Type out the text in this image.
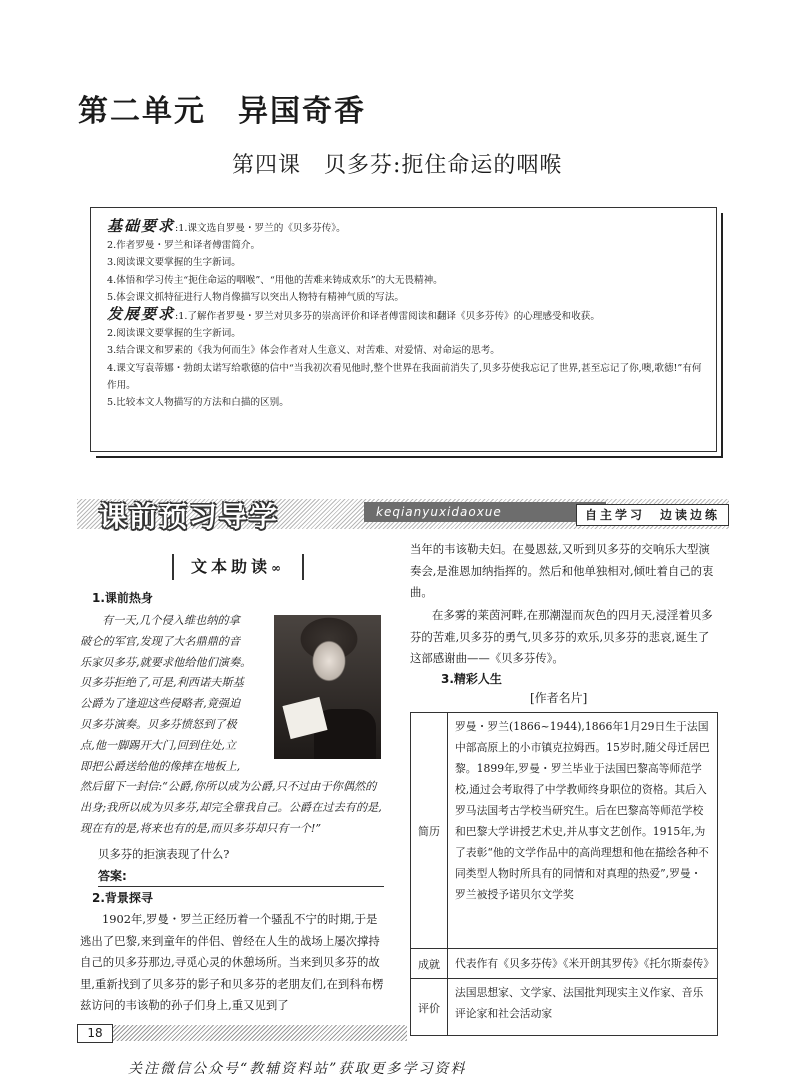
第二单元　异国奇香
第四课　贝多芬:扼住命运的咽喉
基础要求:1.课文选自罗曼・罗兰的《贝多芬传》。
2.作者罗曼・罗兰和译者傅雷简介。
3.阅读课文要掌握的生字新词。
4.体悟和学习传主“扼住命运的咽喉”、“用他的苦难来铸成欢乐”的大无畏精神。
5.体会课文抓特征进行人物肖像描写以突出人物特有精神气质的写法。
发展要求:1.了解作者罗曼・罗兰对贝多芬的崇高评价和译者傅雷阅读和翻译《贝多芬传》的心理感受和收获。
2.阅读课文要掌握的生字新词。
3.结合课文和罗素的《我为何而生》体会作者对人生意义、对苦难、对爱情、对命运的思考。
4.课文写袁蒂娜・勃朗太诺写给歌德的信中“当我初次看见他时,整个世界在我面前消失了,贝多芬使我忘记了世界,甚至忘记了你,噢,歌德!”有何作用。
5.比较本文人物描写的方法和白描的区别。
keqianyuxidaoxue
课前预习导学	自主学习　边读边练
文本助读∞
1.课前热身
有一天,几个侵入维也纳的拿
破仑的军官,发现了大名鼎鼎的音
乐家贝多芬,就要求他给他们演奏。
贝多芬拒绝了,可是,利西诺夫斯基
公爵为了逢迎这些侵略者,竟强迫
贝多芬演奏。贝多芬愤怒到了极
点,他一脚踢开大门,回到住处,立
即把公爵送给他的像摔在地板上,
然后留下一封信:“公爵,你所以成为公爵,只不过由于你偶然的出身;我所以成为贝多芬,却完全靠我自己。公爵在过去有的是,现在有的是,将来也有的是,而贝多芬却只有一个!”
贝多芬的拒演表现了什么?
答案:
2.背景探寻
1902年,罗曼・罗兰正经历着一个骚乱不宁的时期,于是逃出了巴黎,来到童年的伴侣、曾经在人生的战场上屡次撑持自己的贝多芬那边,寻觅心灵的休憩场所。当来到贝多芬的故里,重新找到了贝多芬的影子和贝多芬的老朋友们,在到科布楞兹访问的韦该勒的孙子们身上,重又见到了
当年的韦该勒夫妇。在曼恩兹,又听到贝多芬的交响乐大型演奏会,是淮恩加纳指挥的。然后和他单独相对,倾吐着自己的衷曲。
在多雾的莱茵河畔,在那潮湿而灰色的四月天,浸淫着贝多芬的苦难,贝多芬的勇气,贝多芬的欢乐,贝多芬的悲哀,诞生了这部感谢曲——《贝多芬传》。
3.精彩人生
[作者名片]
简历
罗曼・罗兰(1866~1944),1866年1月29日生于法国中部高原上的小市镇克拉姆西。15岁时,随父母迁居巴黎。1899年,罗曼・罗兰毕业于法国巴黎高等师范学校,通过会考取得了中学教师终身职位的资格。其后入罗马法国考古学校当研究生。后在巴黎高等师范学校和巴黎大学讲授艺术史,并从事文艺创作。1915年,为了表彰“他的文学作品中的高尚理想和他在描绘各种不同类型人物时所具有的同情和对真理的热爱”,罗曼・罗兰被授予诺贝尔文学奖
成就	代表作有《贝多芬传》《米开朗其罗传》《托尔斯泰传》
评价
法国思想家、文学家、法国批判现实主义作家、音乐评论家和社会活动家
18
关注微信公众号“教辅资料站”获取更多学习资料
